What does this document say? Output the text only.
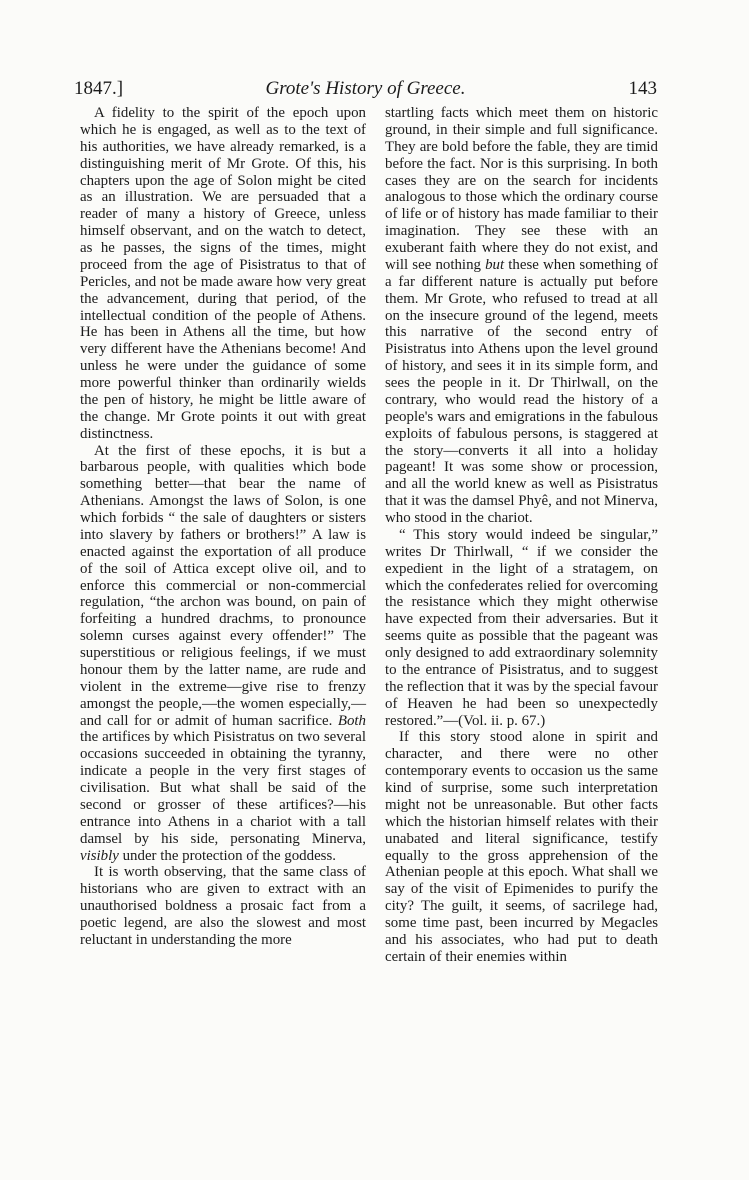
1847.]	Grote's History of Greece.	143

A fidelity to the spirit of the epoch upon which he is engaged, as well as to the text of his authorities, we have already remarked, is a distinguishing merit of Mr Grote. Of this, his chapters upon the age of Solon might be cited as an illustration. We are persuaded that a reader of many a history of Greece, unless himself observant, and on the watch to detect, as he passes, the signs of the times, might proceed from the age of Pisistratus to that of Pericles, and not be made aware how very great the advancement, during that period, of the intellectual condition of the people of Athens. He has been in Athens all the time, but how very different have the Athenians become! And unless he were under the guidance of some more powerful thinker than ordinarily wields the pen of history, he might be little aware of the change. Mr Grote points it out with great distinctness.

At the first of these epochs, it is but a barbarous people, with qualities which bode something better—that bear the name of Athenians. Amongst the laws of Solon, is one which forbids “ the sale of daughters or sisters into slavery by fathers or brothers!” A law is enacted against the exportation of all produce of the soil of Attica except olive oil, and to enforce this commercial or non-commercial regulation, “the archon was bound, on pain of forfeiting a hundred drachms, to pronounce solemn curses against every offender!” The superstitious or religious feelings, if we must honour them by the latter name, are rude and violent in the extreme—give rise to frenzy amongst the people,—the women especially,— and call for or admit of human sacrifice. Both the artifices by which Pisistratus on two several occasions succeeded in obtaining the tyranny, indicate a people in the very first stages of civilisation. But what shall be said of the second or grosser of these artifices?—his entrance into Athens in a chariot with a tall damsel by his side, personating Minerva, visibly under the protection of the goddess.

It is worth observing, that the same class of historians who are given to extract with an unauthorised boldness a prosaic fact from a poetic legend, are also the slowest and most reluctant in understanding the more

startling facts which meet them on historic ground, in their simple and full significance. They are bold before the fable, they are timid before the fact. Nor is this surprising. In both cases they are on the search for incidents analogous to those which the ordinary course of life or of history has made familiar to their imagination. They see these with an exuberant faith where they do not exist, and will see nothing but these when something of a far different nature is actually put before them. Mr Grote, who refused to tread at all on the insecure ground of the legend, meets this narrative of the second entry of Pisistratus into Athens upon the level ground of history, and sees it in its simple form, and sees the people in it. Dr Thirlwall, on the contrary, who would read the history of a people's wars and emigrations in the fabulous exploits of fabulous persons, is staggered at the story—converts it all into a holiday pageant! It was some show or procession, and all the world knew as well as Pisistratus that it was the damsel Phyê, and not Minerva, who stood in the chariot.

“ This story would indeed be singular,” writes Dr Thirlwall, “ if we consider the expedient in the light of a stratagem, on which the confederates relied for overcoming the resistance which they might otherwise have expected from their adversaries. But it seems quite as possible that the pageant was only designed to add extraordinary solemnity to the entrance of Pisistratus, and to suggest the reflection that it was by the special favour of Heaven he had been so unexpectedly restored.”—(Vol. ii. p. 67.)

If this story stood alone in spirit and character, and there were no other contemporary events to occasion us the same kind of surprise, some such interpretation might not be unreasonable. But other facts which the historian himself relates with their unabated and literal significance, testify equally to the gross apprehension of the Athenian people at this epoch. What shall we say of the visit of Epimenides to purify the city? The guilt, it seems, of sacrilege had, some time past, been incurred by Megacles and his associates, who had put to death certain of their enemies within
